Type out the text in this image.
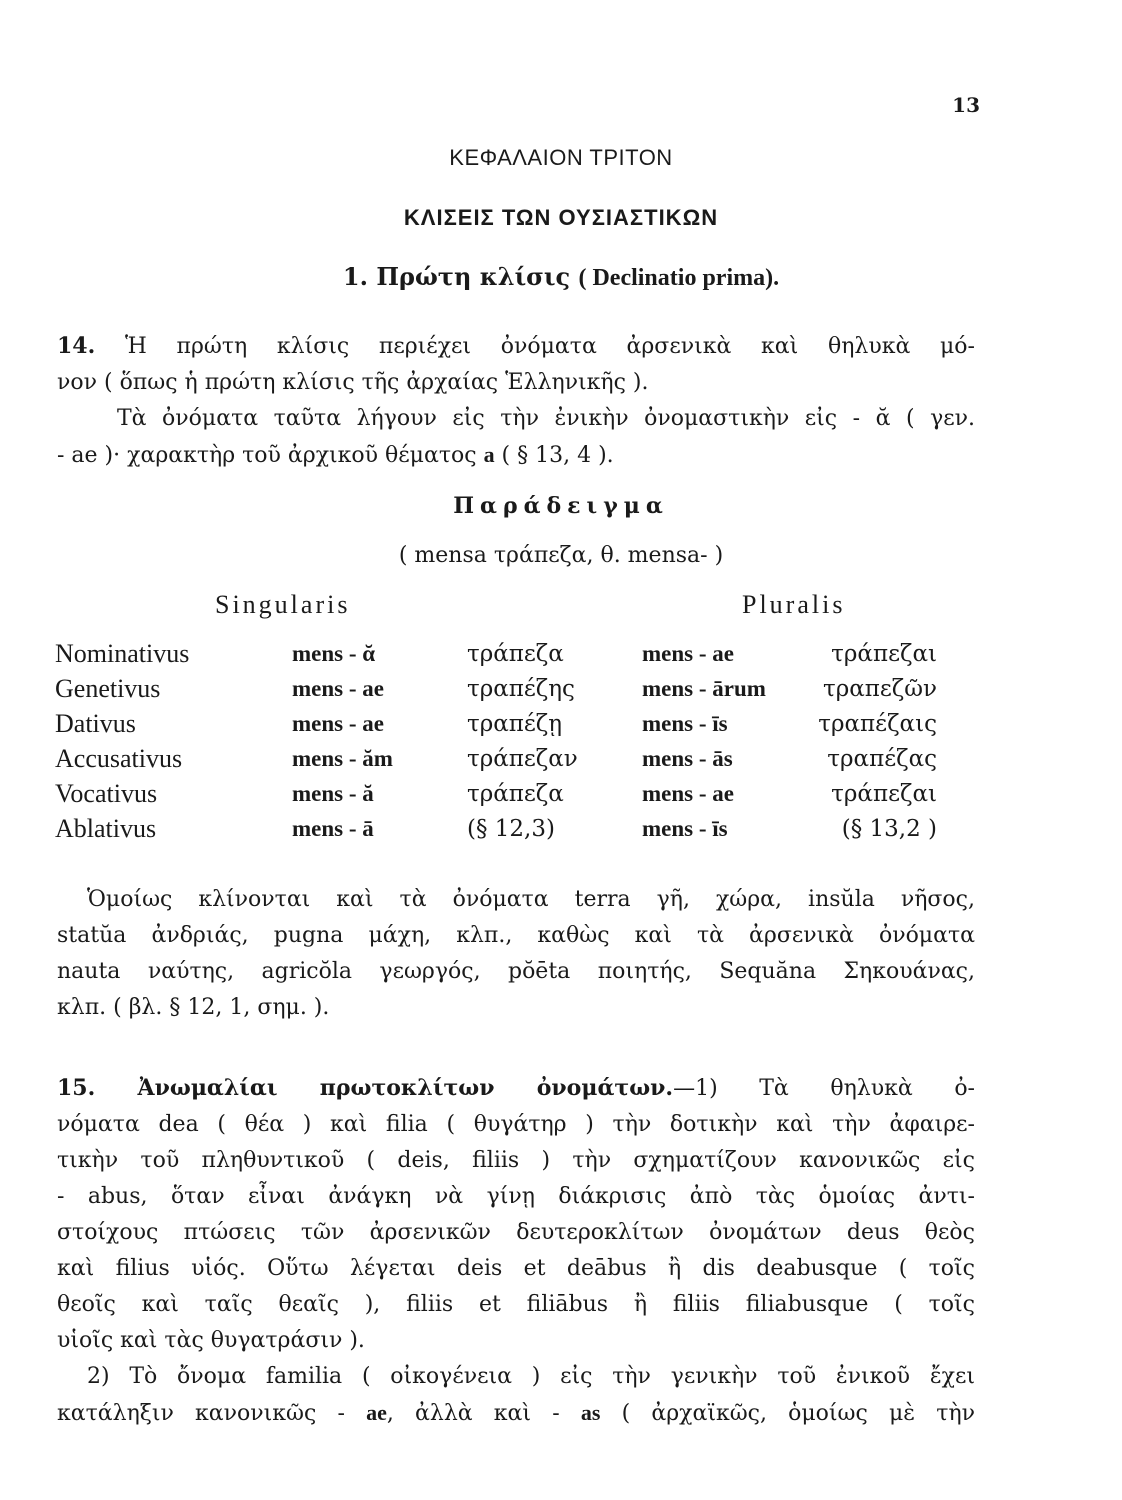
13
ΚΕΦΑΛΑΙΟΝ ΤΡΙΤΟΝ
ΚΛΙΣΕΙΣ ΤΩΝ ΟΥΣΙΑΣΤΙΚΩΝ
1. Πρώτη κλίσις ( Declinatio prima).
14. Ἡ πρώτη κλίσις περιέχει ὀνόματα ἀρσενικὰ καὶ θηλυκὰ μό-
νον ( ὅπως ἡ πρώτη κλίσις τῆς ἀρχαίας Ἑλληνικῆς ).
Τὰ ὀνόματα ταῦτα λήγουν εἰς τὴν ἐνικὴν ὀνομαστικὴν εἰς - ᾰ ( γεν.
- ae )· χαρακτὴρ τοῦ ἀρχικοῦ θέματος a ( § 13, 4 ).
Παράδειγμα
( mensa τράπεζα, θ. mensa- )
Singularis	Pluralis
Nominativus	mens - ᾰ	τράπεζα	mens - ae	τράπεζαι
Genetivus	mens - ae	τραπέζης	mens - ārum	τραπεζῶν
Dativus	mens - ae	τραπέζῃ	mens - īs	τραπέζαις
Accusativus	mens - ăm	τράπεζαν	mens - ās	τραπέζας
Vocativus	mens - ă	τράπεζα	mens - ae	τράπεζαι
Ablativus	mens - ā	(§ 12,3)	mens - īs	(§ 13,2 )
Ὁμοίως κλίνονται καὶ τὰ ὀνόματα terra γῆ, χώρα, insŭla νῆσος,
statŭa ἀνδριάς, pugna μάχη, κλπ., καθὼς καὶ τὰ ἀρσενικὰ ὀνόματα
nauta ναύτης, agricŏla γεωργός, pŏēta ποιητής, Sequăna Σηκουάνας,
κλπ. ( βλ. § 12, 1, σημ. ).
15. Ἀνωμαλίαι πρωτοκλίτων ὀνομάτων.—1) Τὰ θηλυκὰ ὀ-
νόματα dea ( θέα ) καὶ filia ( θυγάτηρ ) τὴν δοτικὴν καὶ τὴν ἀφαιρε-
τικὴν τοῦ πληθυντικοῦ ( deis, filiis ) τὴν σχηματίζουν κανονικῶς εἰς
- abus, ὅταν εἶναι ἀνάγκη νὰ γίνῃ διάκρισις ἀπὸ τὰς ὁμοίας ἀντι-
στοίχους πτώσεις τῶν ἀρσενικῶν δευτεροκλίτων ὀνομάτων deus θεὸς
καὶ filius υἱός. Οὕτω λέγεται deis et deābus ἢ dis deabusque ( τοῖς
θεοῖς καὶ ταῖς θεαῖς ), filiis et filiābus ἢ filiis filiabusque ( τοῖς
υἱοῖς καὶ τὰς θυγατράσιν ).
2) Τὸ ὄνομα familia ( οἰκογένεια ) εἰς τὴν γενικὴν τοῦ ἐνικοῦ ἔχει
κατάληξιν κανονικῶς - ae, ἀλλὰ καὶ - as ( ἀρχαϊκῶς, ὁμοίως μὲ τὴν
